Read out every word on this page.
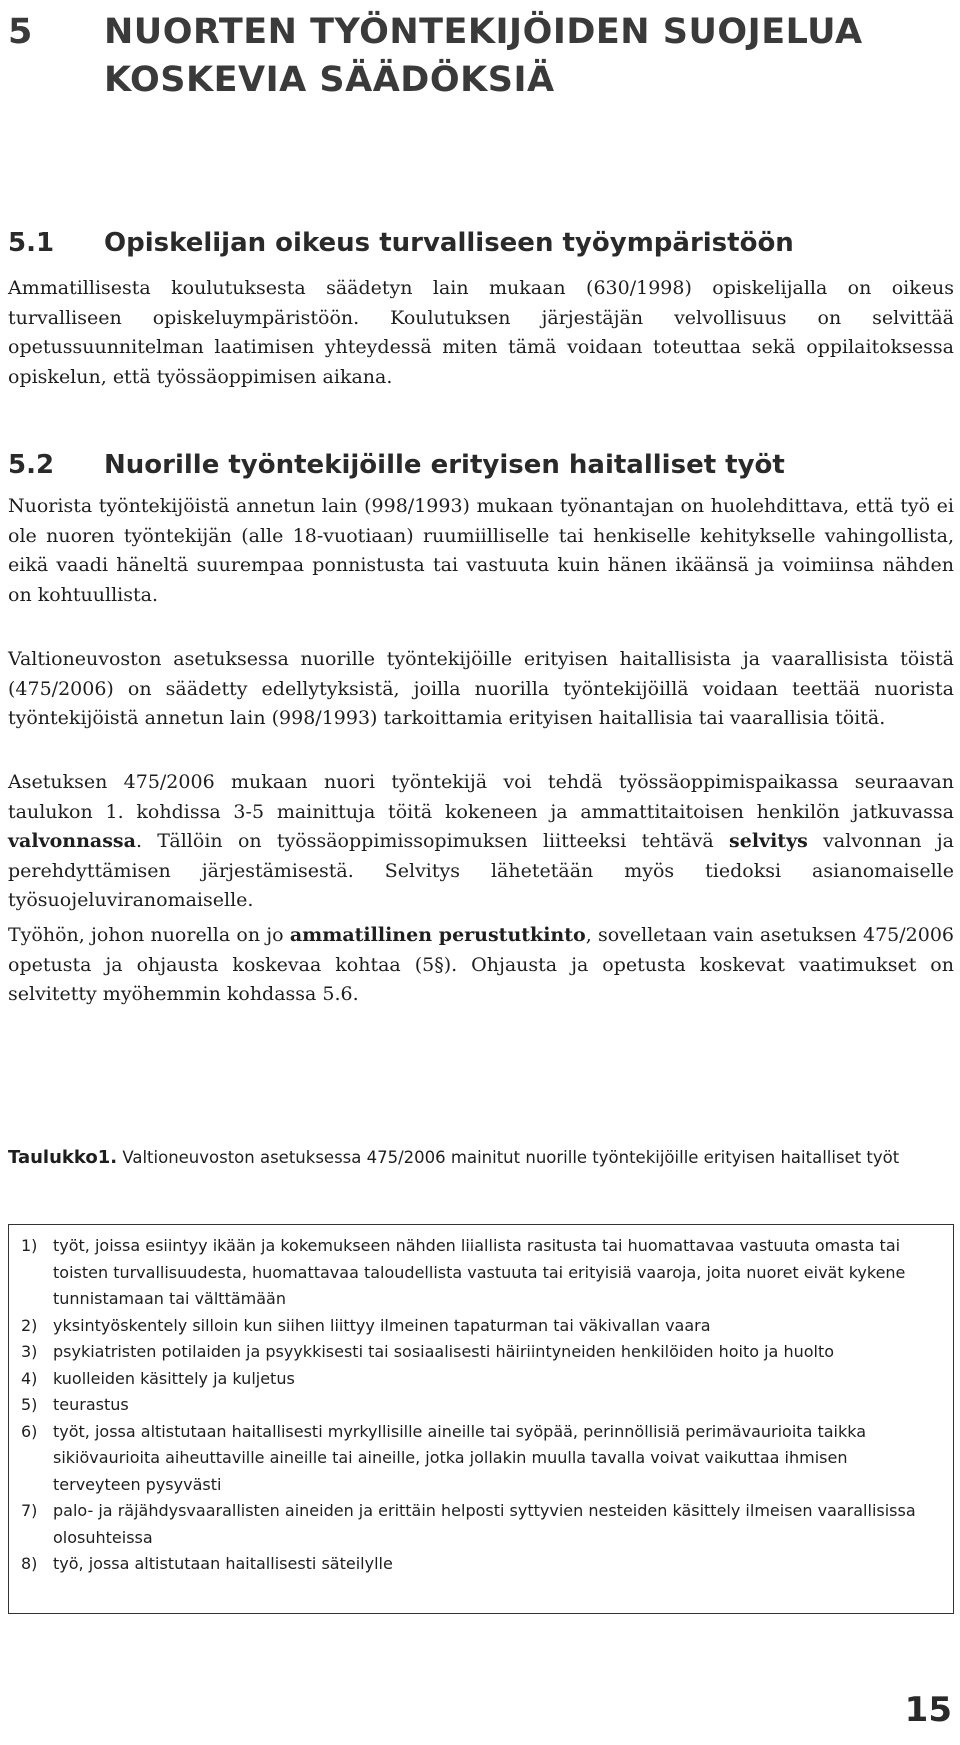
5 NUORTEN TYÖNTEKIJÖIDEN SUOJELUA KOSKEVIA SÄÄDÖKSIÄ
5.1 Opiskelijan oikeus turvalliseen työympäristöön

Ammatillisesta koulutuksesta säädetyn lain mukaan (630/1998) opiskelijalla on oikeus turvalliseen opiskeluympäristöön. Koulutuksen järjestäjän velvollisuus on selvittää opetussuunnitelman laatimisen yhteydessä miten tämä voidaan toteuttaa sekä oppilaitoksessa opiskelun, että työssäoppimisen aikana.

5.2 Nuorille työntekijöille erityisen haitalliset työt

Nuorista työntekijöistä annetun lain (998/1993) mukaan työnantajan on huolehdittava, että työ ei ole nuoren työntekijän (alle 18-vuotiaan) ruumiilliselle tai henkiselle kehitykselle vahingollista, eikä vaadi häneltä suurempaa ponnistusta tai vastuuta kuin hänen ikäänsä ja voimiinsa nähden on kohtuullista.

Valtioneuvoston asetuksessa nuorille työntekijöille erityisen haitallisista ja vaarallisista töistä (475/2006) on säädetty edellytyksistä, joilla nuorilla työntekijöillä voidaan teettää nuorista työntekijöistä annetun lain (998/1993) tarkoittamia erityisen haitallisia tai vaarallisia töitä.

Asetuksen 475/2006 mukaan nuori työntekijä voi tehdä työssäoppimispaikassa seuraavan taulukon 1. kohdissa 3-5 mainittuja töitä kokeneen ja ammattitaitoisen henkilön jatkuvassa valvonnassa. Tällöin on työssäoppimissopimuksen liitteeksi tehtävä selvitys valvonnan ja perehdyttämisen järjestämisestä. Selvitys lähetetään myös tiedoksi asianomaiselle työsuojeluviranomaiselle.

Työhön, johon nuorella on jo ammatillinen perustutkinto, sovelletaan vain asetuksen 475/2006 opetusta ja ohjausta koskevaa kohtaa (5§). Ohjausta ja opetusta koskevat vaatimukset on selvitetty myöhemmin kohdassa 5.6.

Taulukko1. Valtioneuvoston asetuksessa 475/2006 mainitut nuorille työntekijöille erityisen haitalliset työt

1) työt, joissa esiintyy ikään ja kokemukseen nähden liiallista rasitusta tai huomattavaa vastuuta omasta tai toisten turvallisuudesta, huomattavaa taloudellista vastuuta tai erityisiä vaaroja, joita nuoret eivät kykene tunnistamaan tai välttämään
2) yksintyöskentely silloin kun siihen liittyy ilmeinen tapaturman tai väkivallan vaara
3) psykiatristen potilaiden ja psyykkisesti tai sosiaalisesti häiriintyneiden henkilöiden hoito ja huolto
4) kuolleiden käsittely ja kuljetus
5) teurastus
6) työt, jossa altistutaan haitallisesti myrkyllisille aineille tai syöpää, perinnöllisiä perimävaurioita taikka sikiövaurioita aiheuttaville aineille tai aineille, jotka jollakin muulla tavalla voivat vaikuttaa ihmisen terveyteen pysyvästi
7) palo- ja räjähdysvaarallisten aineiden ja erittäin helposti syttyvien nesteiden käsittely ilmeisen vaarallisissa olosuhteissa
8) työ, jossa altistutaan haitallisesti säteilylle
15
